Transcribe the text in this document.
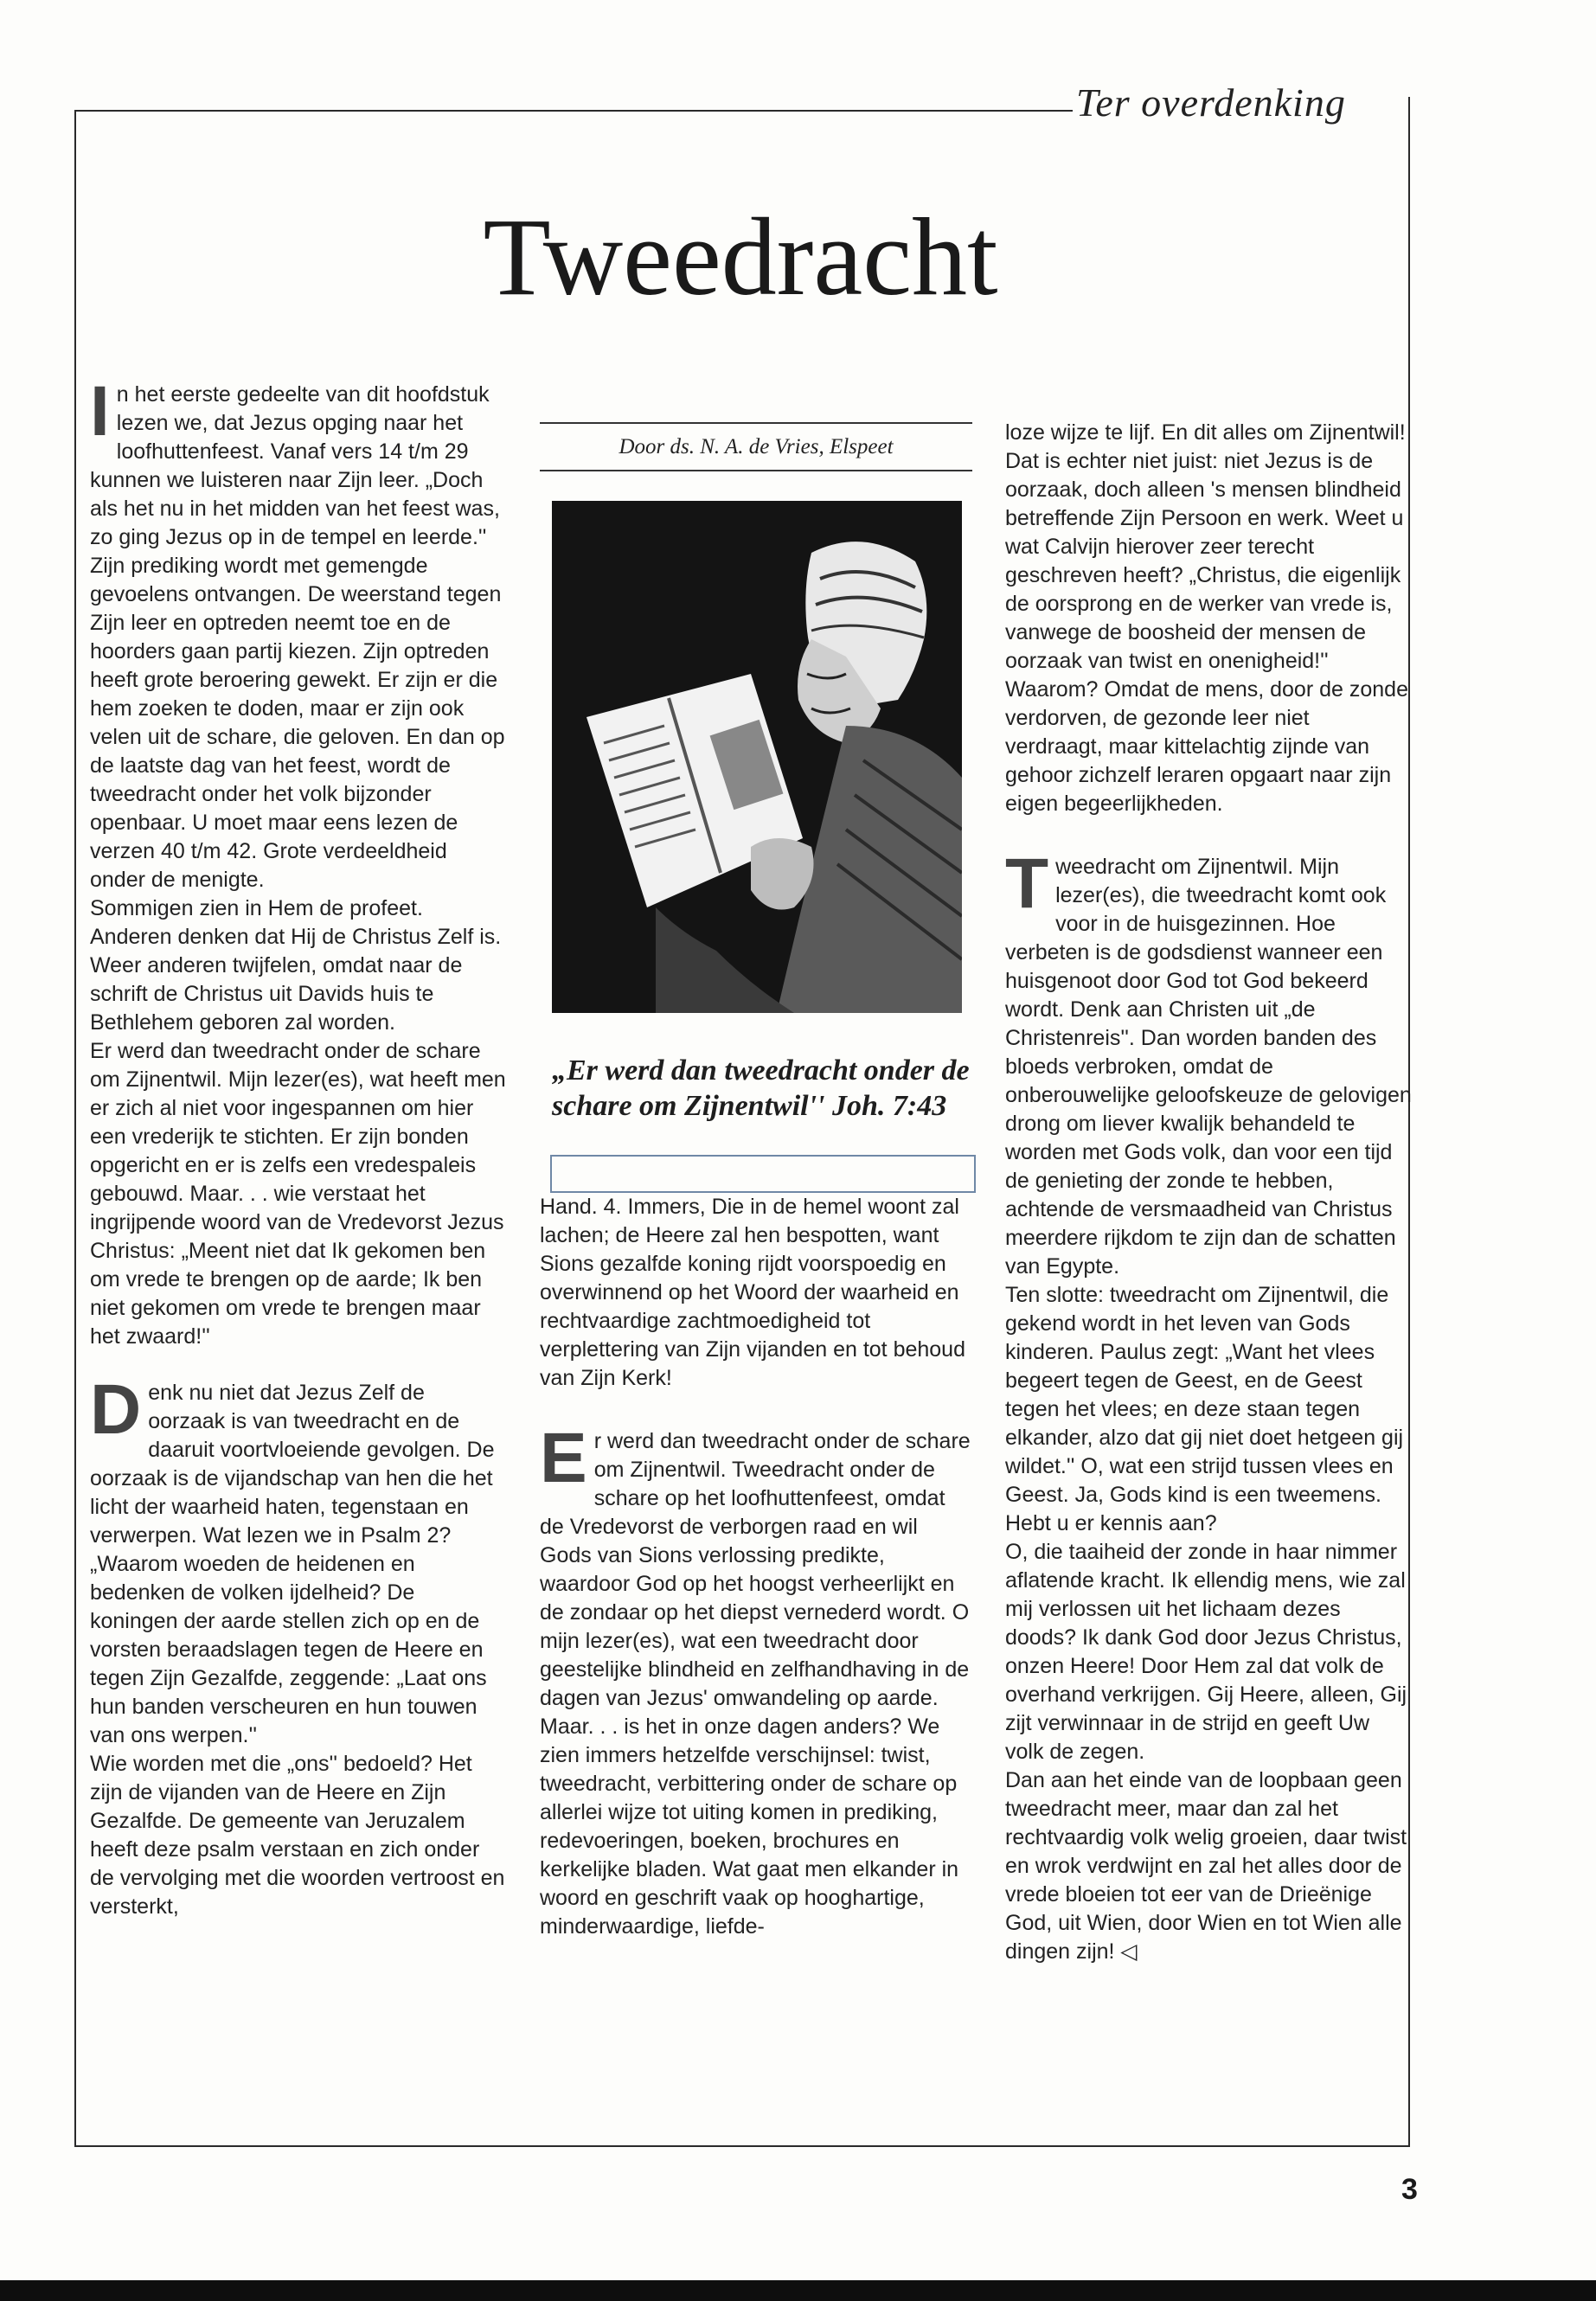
Ter overdenking
Tweedracht

In het eerste gedeelte van dit hoofdstuk lezen we, dat Jezus opging naar het loofhuttenfeest. Vanaf vers 14 t/m 29 kunnen we luisteren naar Zijn leer. „Doch als het nu in het midden van het feest was, zo ging Jezus op in de tempel en leerde.''

Zijn prediking wordt met gemengde gevoelens ontvangen. De weerstand tegen Zijn leer en optreden neemt toe en de hoorders gaan partij kiezen. Zijn optreden heeft grote beroering gewekt. Er zijn er die hem zoeken te doden, maar er zijn ook velen uit de schare, die geloven. En dan op de laatste dag van het feest, wordt de tweedracht onder het volk bijzonder openbaar. U moet maar eens lezen de verzen 40 t/m 42. Grote verdeeldheid onder de menigte.

Sommigen zien in Hem de profeet. Anderen denken dat Hij de Christus Zelf is. Weer anderen twijfelen, omdat naar de schrift de Christus uit Davids huis te Bethlehem geboren zal worden.

Er werd dan tweedracht onder de schare om Zijnentwil. Mijn lezer(es), wat heeft men er zich al niet voor ingespannen om hier een vrederijk te stichten. Er zijn bonden opgericht en er is zelfs een vredespaleis gebouwd. Maar. . . wie verstaat het ingrijpende woord van de Vredevorst Jezus Christus: „Meent niet dat Ik gekomen ben om vrede te brengen op de aarde; Ik ben niet gekomen om vrede te brengen maar het zwaard!''

Denk nu niet dat Jezus Zelf de oorzaak is van tweedracht en de daaruit voortvloeiende gevolgen. De oorzaak is de vijandschap van hen die het licht der waarheid haten, tegenstaan en verwerpen. Wat lezen we in Psalm 2? „Waarom woeden de heidenen en bedenken de volken ijdelheid? De koningen der aarde stellen zich op en de vorsten beraadslagen tegen de Heere en tegen Zijn Gezalfde, zeggende: „Laat ons hun banden verscheuren en hun touwen van ons werpen.''

Wie worden met die „ons'' bedoeld? Het zijn de vijanden van de Heere en Zijn Gezalfde. De gemeente van Jeruzalem heeft deze psalm verstaan en zich onder de vervolging met die woorden vertroost en versterkt,

Door ds. N. A. de Vries, Elspeet
„Er werd dan tweedracht onder de schare om Zijnentwil'' Joh. 7:43

Hand. 4. Immers, Die in de hemel woont zal lachen; de Heere zal hen bespotten, want Sions gezalfde koning rijdt voorspoedig en overwinnend op het Woord der waarheid en rechtvaardige zachtmoedigheid tot verplettering van Zijn vijanden en tot behoud van Zijn Kerk!

Er werd dan tweedracht onder de schare om Zijnentwil. Tweedracht onder de schare op het loofhuttenfeest, omdat de Vredevorst de verborgen raad en wil Gods van Sions verlossing predikte, waardoor God op het hoogst verheerlijkt en de zondaar op het diepst vernederd wordt. O mijn lezer(es), wat een tweedracht door geestelijke blindheid en zelfhandhaving in de dagen van Jezus' omwandeling op aarde.

Maar. . . is het in onze dagen anders? We zien immers hetzelfde verschijnsel: twist, tweedracht, verbittering onder de schare op allerlei wijze tot uiting komen in prediking, redevoeringen, boeken, brochures en kerkelijke bladen. Wat gaat men elkander in woord en geschrift vaak op hooghartige, minderwaardige, liefde-

loze wijze te lijf. En dit alles om Zijnentwil!

Dat is echter niet juist: niet Jezus is de oorzaak, doch alleen 's mensen blindheid betreffende Zijn Persoon en werk. Weet u wat Calvijn hierover zeer terecht geschreven heeft? „Christus, die eigenlijk de oorsprong en de werker van vrede is, vanwege de boosheid der mensen de oorzaak van twist en onenigheid!'' Waarom? Omdat de mens, door de zonde verdorven, de gezonde leer niet verdraagt, maar kittelachtig zijnde van gehoor zichzelf leraren opgaart naar zijn eigen begeerlijkheden.

Tweedracht om Zijnentwil. Mijn lezer(es), die tweedracht komt ook voor in de huisgezinnen. Hoe verbeten is de godsdienst wanneer een huisgenoot door God tot God bekeerd wordt. Denk aan Christen uit „de Christenreis''. Dan worden banden des bloeds verbroken, omdat de onberouwelijke geloofskeuze de gelovigen drong om liever kwalijk behandeld te worden met Gods volk, dan voor een tijd de genieting der zonde te hebben, achtende de versmaadheid van Christus meerdere rijkdom te zijn dan de schatten van Egypte.

Ten slotte: tweedracht om Zijnentwil, die gekend wordt in het leven van Gods kinderen. Paulus zegt: „Want het vlees begeert tegen de Geest, en de Geest tegen het vlees; en deze staan tegen elkander, alzo dat gij niet doet hetgeen gij wildet.'' O, wat een strijd tussen vlees en Geest. Ja, Gods kind is een tweemens. Hebt u er kennis aan?

O, die taaiheid der zonde in haar nimmer aflatende kracht. Ik ellendig mens, wie zal mij verlossen uit het lichaam dezes doods? Ik dank God door Jezus Christus, onzen Heere! Door Hem zal dat volk de overhand verkrijgen. Gij Heere, alleen, Gij zijt verwinnaar in de strijd en geeft Uw volk de zegen.

Dan aan het einde van de loopbaan geen tweedracht meer, maar dan zal het rechtvaardig volk welig groeien, daar twist en wrok verdwijnt en zal het alles door de vrede bloeien tot eer van de Drieënige God, uit Wien, door Wien en tot Wien alle dingen zijn! ◁

3
